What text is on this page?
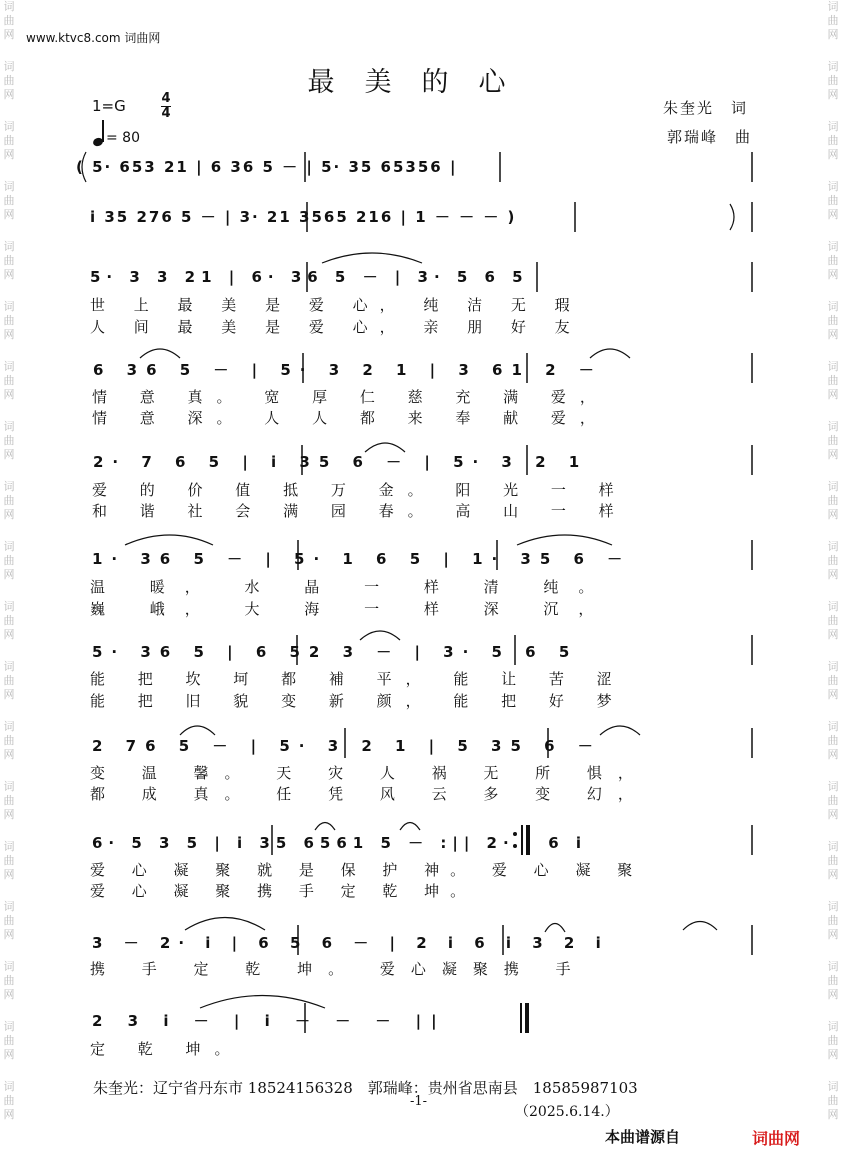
词
曲
网
词
曲
网
词
曲
网
词
曲
网
词
曲
网
词
曲
网
词
曲
网
词
曲
网
词
曲
网
词
曲
网
词
曲
网
词
曲
网
词
曲
网
词
曲
网
词
曲
网
词
曲
网
词
曲
网
词
曲
网
词
曲
网
词
曲
网
词
曲
网
词
曲
网
词
曲
网
词
曲
网
词
曲
网
词
曲
网
词
曲
网
词
曲
网
词
曲
网
词
曲
网
词
曲
网
词
曲
网
词
曲
网
词
曲
网
词
曲
网
词
曲
网
词
曲
网
词
曲
网
www.ktvc8.com 词曲网
最美的心
1=G	4
4
= 80
朱奎光　词
郭瑞峰　曲
( 5· 653 21 | 6 36 5 － | 5· 35 65356 |
i 35 276 5 － | 3· 21 3565 216 | 1 － － － )
5· 3 3 21 | 6· 36 5 － | 3· 5 6 5
世 上 最 美 是 爱 心， 纯 洁 无 瑕
人 间 最 美 是 爱 心， 亲 朋 好 友
6 36 5 － | 5· 3 2 1 | 3 61 2 －
情 意 真。 宽 厚 仁 慈 充 满 爱，
情 意 深。 人 人 都 来 奉 献 爱，
2· 7 6 5 | i 35 6 － | 5· 3 2 1
爱 的 价 值 抵 万 金。 阳 光 一 样
和 谐 社 会 满 园 春。 高 山 一 样
1· 36 5 － | 5· 1 6 5 | 1· 35 6 －
温 暖， 水 晶 一 样 清 纯。
巍 峨， 大 海 一 样 深 沉，
5· 36 5 | 6 52 3 － | 3· 5 6 5
能 把 坎 坷 都 補 平， 能 让 苦 涩
能 把 旧 貌 变 新 颜， 能 把 好 梦
2 76 5 － | 5· 3 2 1 | 5 35 6 －
变 温 馨。 天 灾 人 祸 无 所 惧，
都 成 真。 任 凭 风 云 多 变 幻，
6· 5 3 5 | i 35 6561 5 － :|| 2· i 6 i
爱 心 凝 聚 就 是 保 护 神。 爱 心 凝 聚
爱 心 凝 聚 携 手 定 乾 坤。
3 － 2· i | 6 5 6 － | 2 i 6 i 3 2 i
携 手 定 乾 坤。 爱心凝聚携 手
2 3 i － | i － － － ||
定 乾 坤。
朱奎光：辽宁省丹东市 18524156328　郭瑞峰：贵州省思南县　18585987103
-1-
（2025.6.14.）
本曲谱源自	词曲网
